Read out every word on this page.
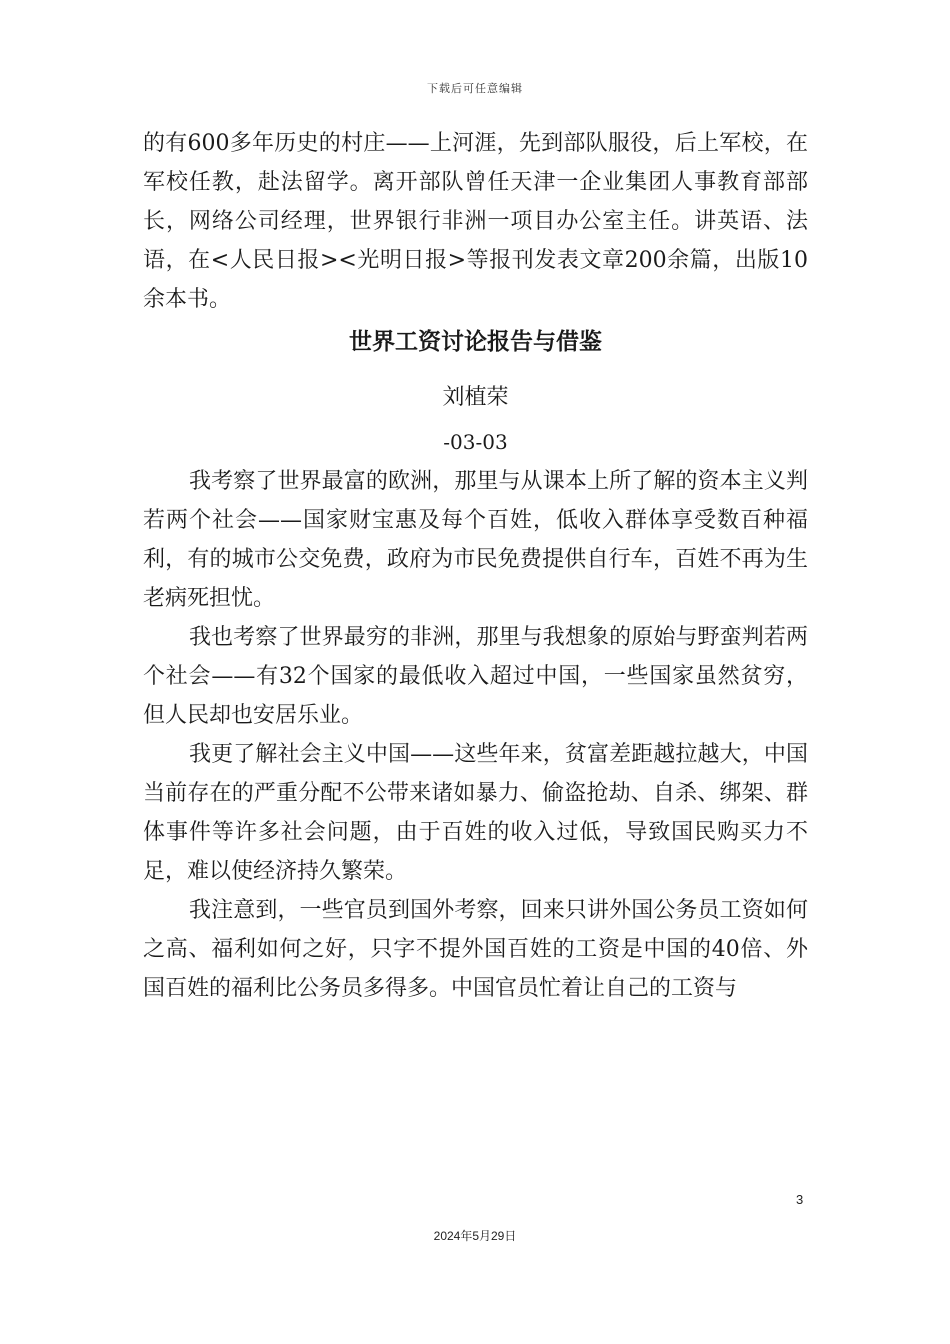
下载后可任意编辑

的有600多年历史的村庄——上河涯，先到部队服役，后上军校，在军校任教，赴法留学。离开部队曾任天津一企业集团人事教育部部长，网络公司经理，世界银行非洲一项目办公室主任。讲英语、法语，在<人民日报><光明日报>等报刊发表文章200余篇，出版10余本书。

世界工资讨论报告与借鉴

刘植荣

-03-03

我考察了世界最富的欧洲，那里与从课本上所了解的资本主义判若两个社会——国家财宝惠及每个百姓，低收入群体享受数百种福利，有的城市公交免费，政府为市民免费提供自行车，百姓不再为生老病死担忧。

我也考察了世界最穷的非洲，那里与我想象的原始与野蛮判若两个社会——有32个国家的最低收入超过中国，一些国家虽然贫穷，但人民却也安居乐业。

我更了解社会主义中国——这些年来，贫富差距越拉越大，中国当前存在的严重分配不公带来诸如暴力、偷盗抢劫、自杀、绑架、群体事件等许多社会问题，由于百姓的收入过低，导致国民购买力不足，难以使经济持久繁荣。

我注意到，一些官员到国外考察，回来只讲外国公务员工资如何之高、福利如何之好，只字不提外国百姓的工资是中国的40倍、外国百姓的福利比公务员多得多。中国官员忙着让自己的工资与

3
2024年5月29日
